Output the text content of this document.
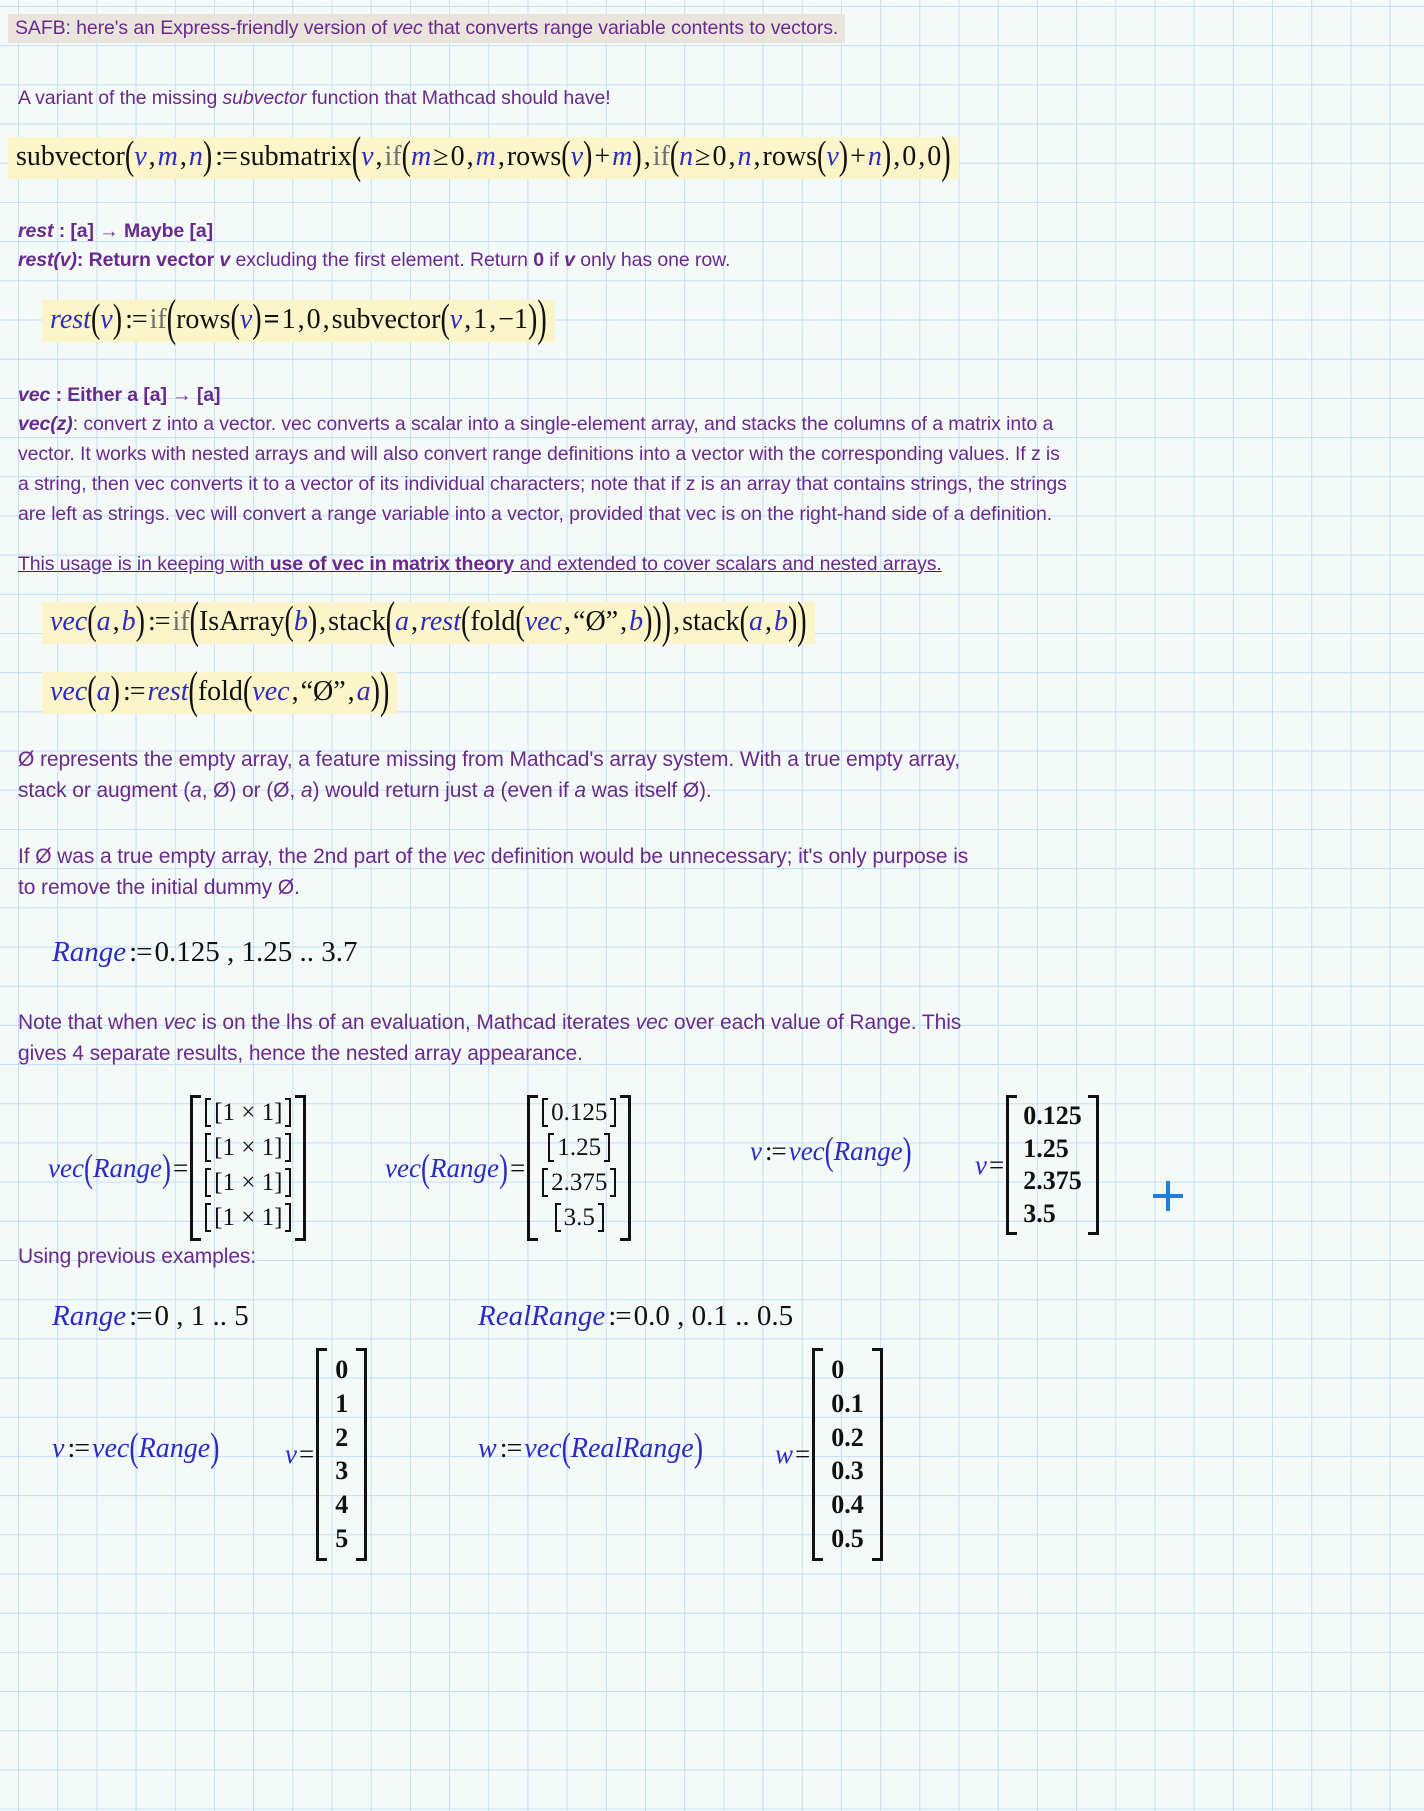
SAFB: here's an Express-friendly version of vec that converts range variable contents to vectors.
A variant of the missing subvector function that Mathcad should have!
subvector ( v , m , n ) := submatrix ( v , if ( m ≥ 0 , m , rows ( v ) + m ) , if ( n ≥ 0 , n , rows ( v ) + n ) , 0 , 0 )
rest : [a] → Maybe [a]
rest(v): Return vector v excluding the first element. Return 0 if v only has one row.
rest ( v ) := if ( rows ( v ) = 1 , 0 , subvector ( v , 1 , −1 ) )
vec : Either a [a] → [a]
vec(z): convert z into a vector. vec converts a scalar into a single-element array, and stacks the columns of a matrix into a
vector. It works with nested arrays and will also convert range definitions into a vector with the corresponding values. If z is
a string, then vec converts it to a vector of its individual characters; note that if z is an array that contains strings, the strings
are left as strings. vec will convert a range variable into a vector, provided that vec is on the right-hand side of a definition.
This usage is in keeping with use of vec in matrix theory and extended to cover scalars and nested arrays.
vec ( a , b ) := if ( IsArray ( b ) , stack ( a , rest ( fold ( vec , “Ø” , b ) ) ) , stack ( a , b ) )
vec ( a ) := rest ( fold ( vec , “Ø” , a ) )
Ø represents the empty array, a feature missing from Mathcad's array system. With a true empty array,
stack or augment (a, Ø) or (Ø, a) would return just a (even if a was itself Ø).
If Ø was a true empty array, the 2nd part of the vec definition would be unnecessary; it's only purpose is
to remove the initial dummy Ø.
Range := 0.125 , 1.25 .. 3.7
Note that when vec is on the lhs of an evaluation, Mathcad iterates vec over each value of Range. This
gives 4 separate results, hence the nested array appearance.
vec ( Range ) =
[1 × 1]
[1 × 1]
[1 × 1]
[1 × 1]
vec ( Range ) =
0.125
1.25
2.375
3.5
v := vec ( Range ) v =
0.125
1.25
2.375
3.5
Using previous examples:
Range := 0 , 1 .. 5	RealRange := 0.0 , 0.1 .. 0.5
v := vec ( Range ) v =
0
1
2
3
4
5
w := vec ( RealRange )	w =
0
0.1
0.2
0.3
0.4
0.5
